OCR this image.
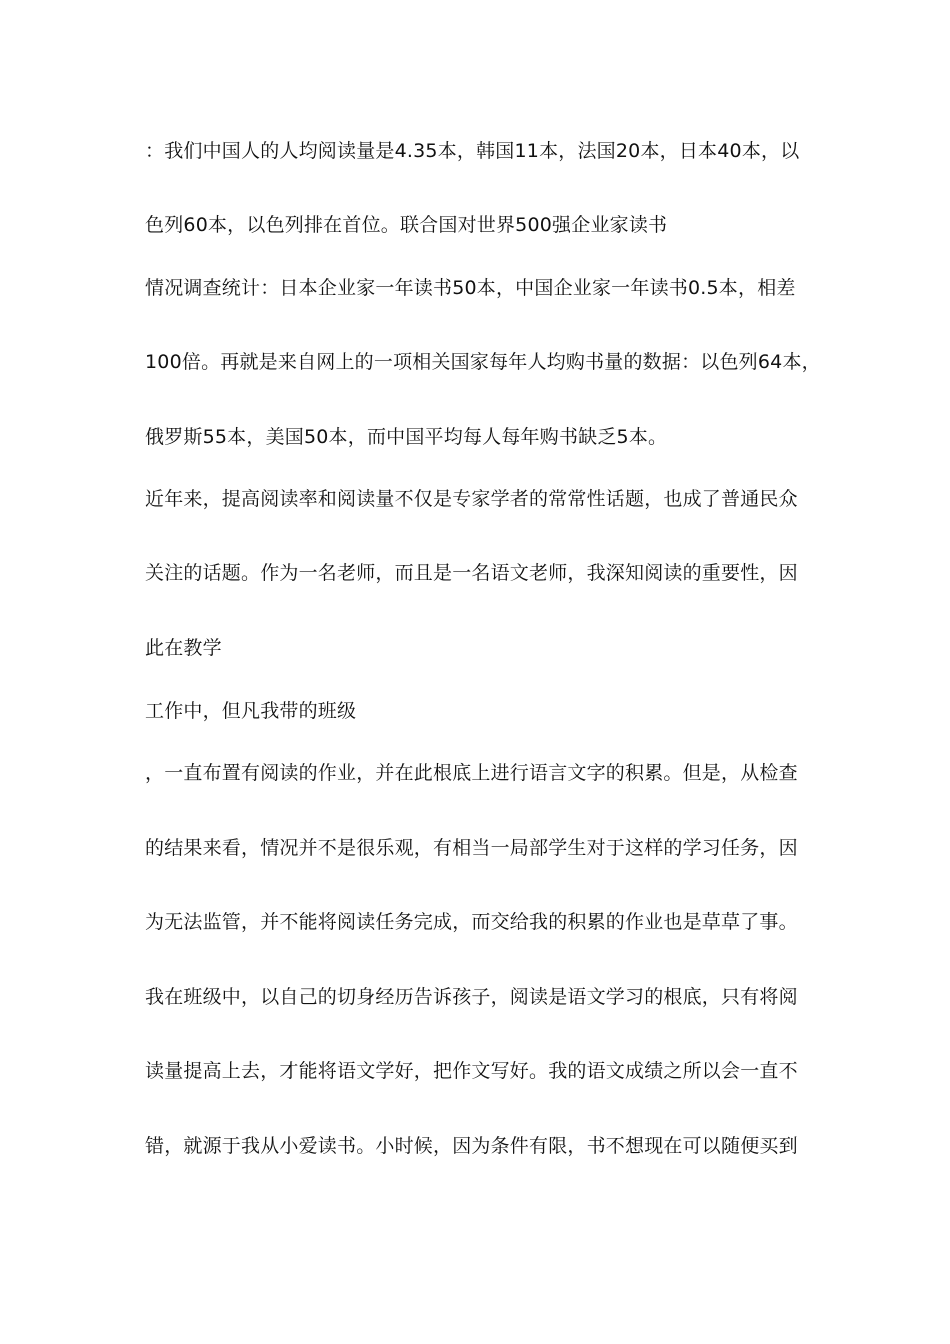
：我们中国人的人均阅读量是4.35本，韩国11本，法国20本，日本40本，以
色列60本，以色列排在首位。联合国对世界500强企业家读书
情况调查统计：日本企业家一年读书50本，中国企业家一年读书0.5本，相差
100倍。再就是来自网上的一项相关国家每年人均购书量的数据：以色列64本，
俄罗斯55本，美国50本，而中国平均每人每年购书缺乏5本。
近年来，提高阅读率和阅读量不仅是专家学者的常常性话题，也成了普通民众
关注的话题。作为一名老师，而且是一名语文老师，我深知阅读的重要性，因
此在教学
工作中，但凡我带的班级
，一直布置有阅读的作业，并在此根底上进行语言文字的积累。但是，从检查
的结果来看，情况并不是很乐观，有相当一局部学生对于这样的学习任务，因
为无法监管，并不能将阅读任务完成，而交给我的积累的作业也是草草了事。
我在班级中，以自己的切身经历告诉孩子，阅读是语文学习的根底，只有将阅
读量提高上去，才能将语文学好，把作文写好。我的语文成绩之所以会一直不
错，就源于我从小爱读书。小时候，因为条件有限，书不想现在可以随便买到
